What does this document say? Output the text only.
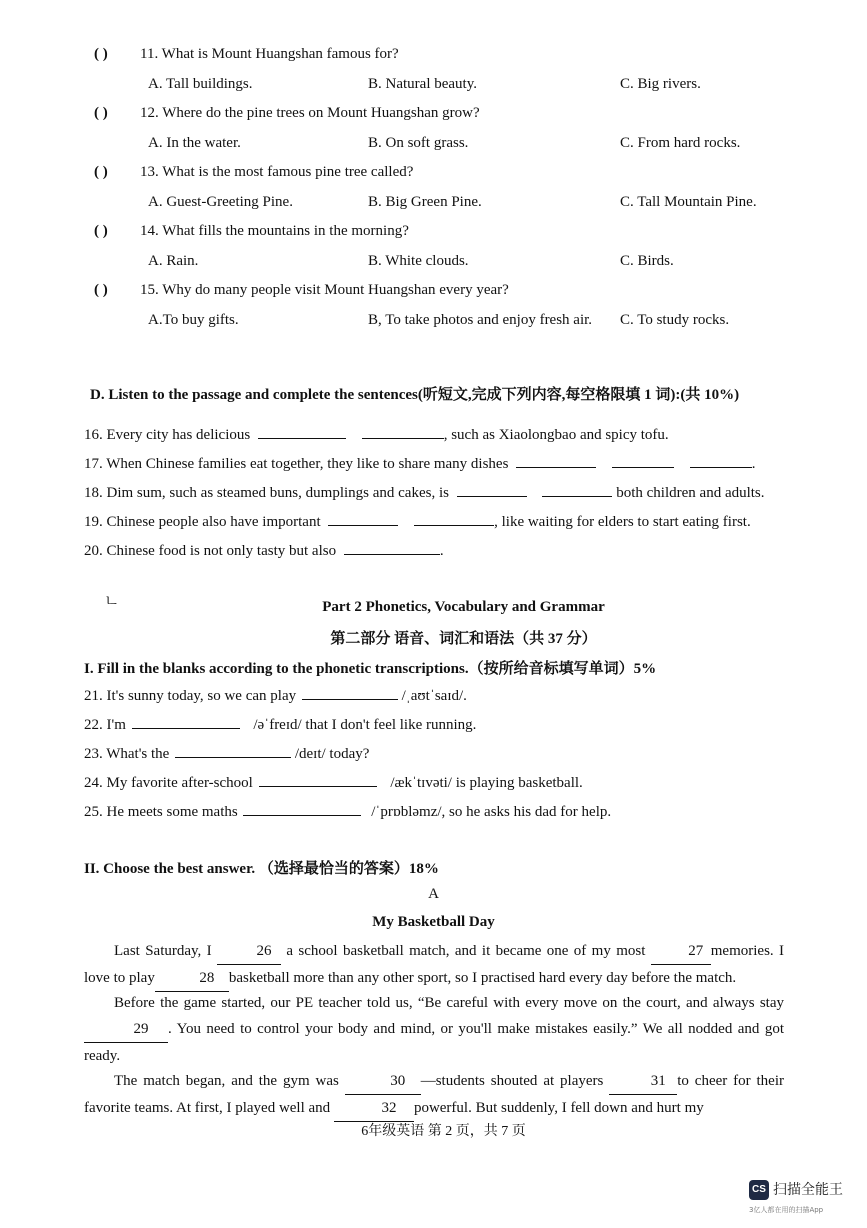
( ) 11. What is Mount Huangshan famous for?
A. Tall buildings.	B. Natural beauty.	C. Big rivers.
( ) 12. Where do the pine trees on Mount Huangshan grow?
A. In the water.	B. On soft grass.	C. From hard rocks.
( ) 13. What is the most famous pine tree called?
A. Guest-Greeting Pine.	B. Big Green Pine.	C. Tall Mountain Pine.
( ) 14. What fills the mountains in the morning?
A. Rain.	B. White clouds.	C. Birds.
( ) 15. Why do many people visit Mount Huangshan every year?
A.To buy gifts.	B, To take photos and enjoy fresh air. C. To study rocks.
D. Listen to the passage and complete the sentences(听短文,完成下列内容,每空格限填 1 词):(共 10%)
16. Every city has delicious	, such as Xiaolongbao and spicy tofu.
17. When Chinese families eat together, they like to share many dishes	.
18. Dim sum, such as steamed buns, dumplings and cakes, is	both children and adults.
19. Chinese people also have important	, like waiting for elders to start eating first.
20. Chinese food is not only tasty but also	.
ㄴ	Part 2 Phonetics, Vocabulary and Grammar
第二部分 语音、词汇和语法（共 37 分）
I. Fill in the blanks according to the phonetic transcriptions.（按所给音标填写单词）5%
21. It's sunny today, so we can play	/ˌaʊtˈsaɪd/.
22. I'm	/əˈfreɪd/ that I don't feel like running.
23. What's the	/deɪt/ today?
24. My favorite after-school	/ækˈtɪvəti/ is playing basketball.
25. He meets some maths	/ˈprɒbləmz/, so he asks his dad for help.
II. Choose the best answer. （选择最恰当的答案）18%
A
My Basketball Day
Last Saturday, I	26 a school basketball match, and it became one of my most	27 memories. I love to play	28 basketball more than any other sport, so I practised hard every day before the match.
Before the game started, our PE teacher told us, “Be careful with every move on the court, and always stay 29 . You need to control your body and mind, or you'll make mistakes easily.” We all nodded and got ready.
The match began, and the gym was	30 —students shouted at players	31 to cheer for their favorite teams. At first, I played well and	32 powerful. But suddenly, I fell down and hurt my
6年级英语 第 2 页，共 7 页
CS 扫描全能王
3亿人都在用的扫描App
